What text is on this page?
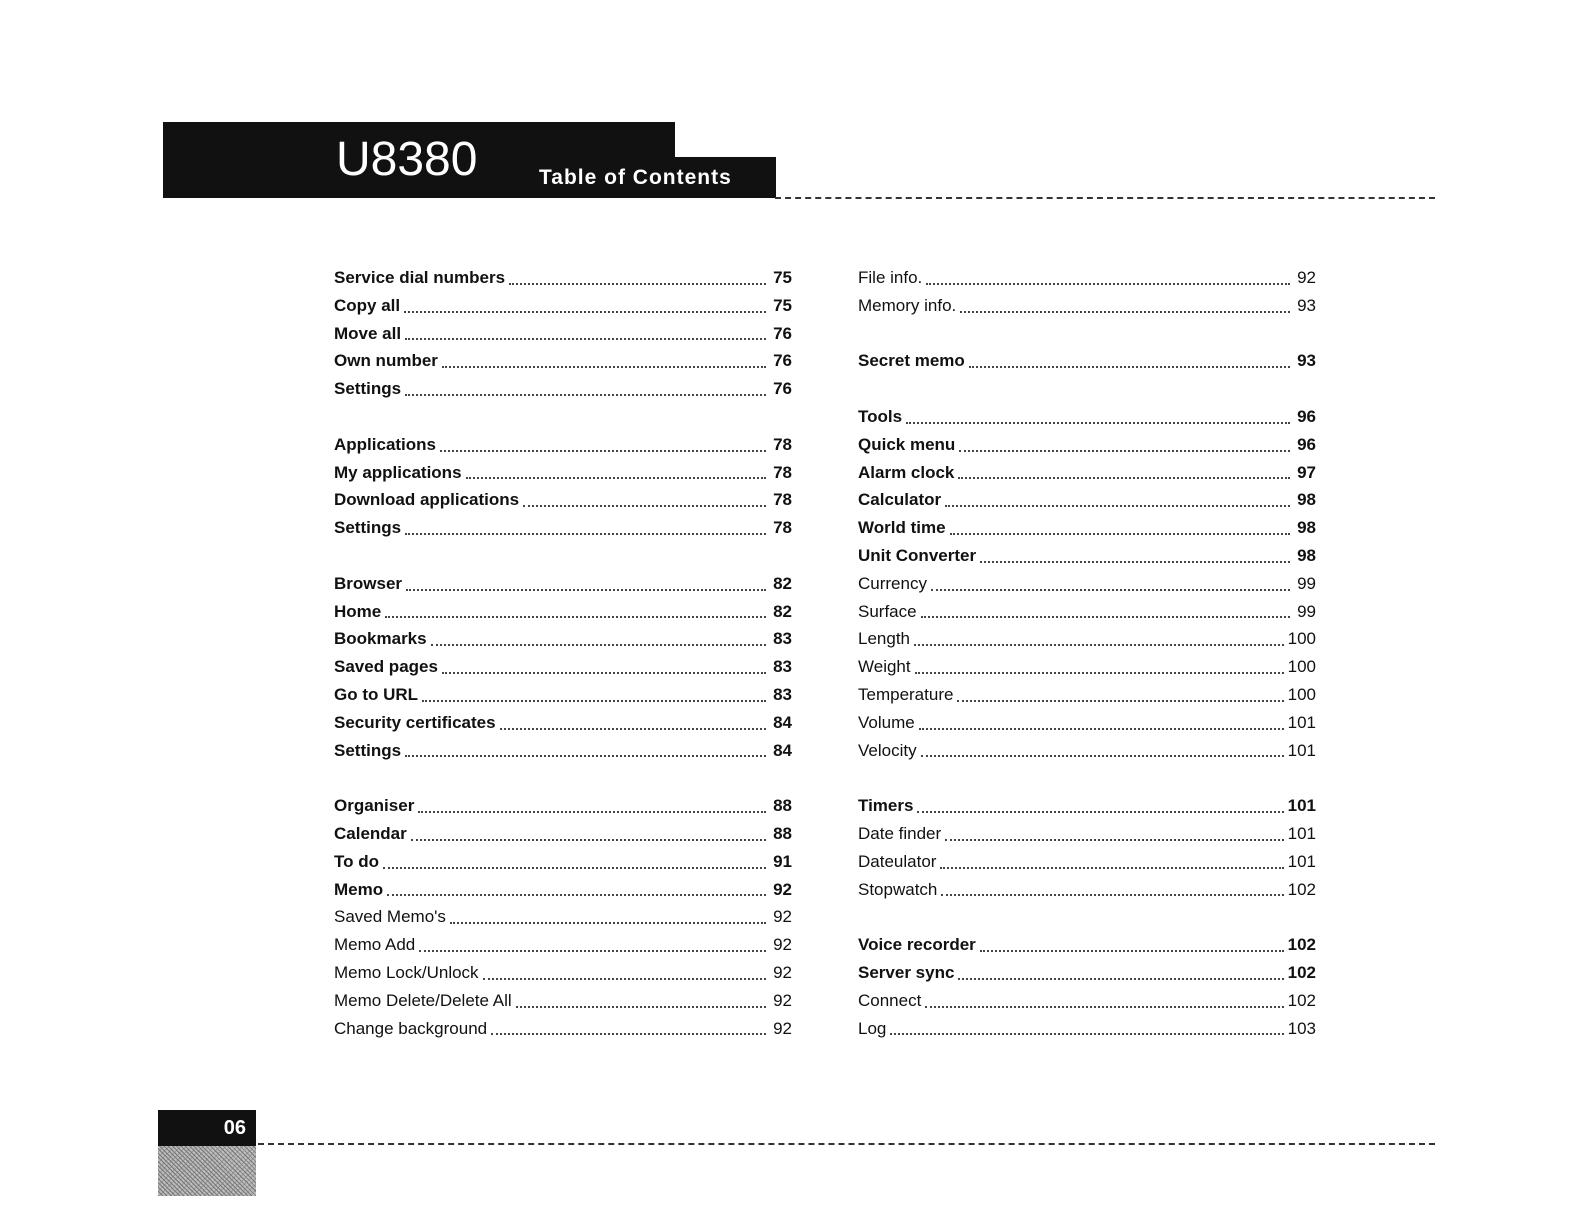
U8380	Table of Contents
Service dial numbers	75
Copy all	75
Move all	76
Own number	76
Settings	76
Applications	78
My applications	78
Download applications	78
Settings	78
Browser	82
Home	82
Bookmarks	83
Saved pages	83
Go to URL	83
Security certificates	84
Settings	84
Organiser	88
Calendar	88
To do	91
Memo	92
Saved Memo's	92
Memo Add	92
Memo Lock/Unlock	92
Memo Delete/Delete All	92
Change background	92
File info.	92
Memory info.	93
Secret memo	93
Tools	96
Quick menu	96
Alarm clock	97
Calculator	98
World time	98
Unit Converter	98
Currency	99
Surface	99
Length	100
Weight	100
Temperature	100
Volume	101
Velocity	101
Timers	101
Date finder	101
Dateulator	101
Stopwatch	102
Voice recorder	102
Server sync	102
Connect	102
Log	103
06
